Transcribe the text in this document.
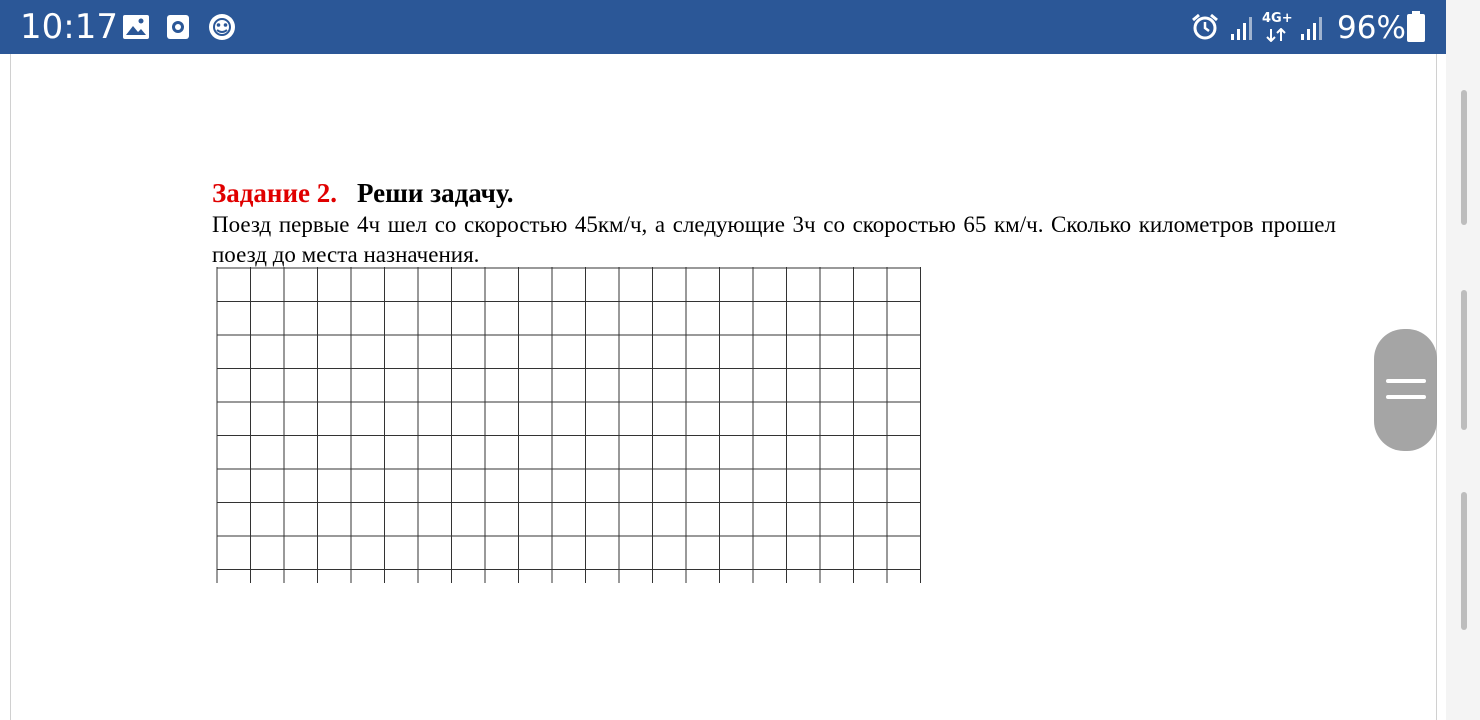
10:17	4G+ 96%
Задание 2. Реши задачу.
Поезд первые 4ч шел со скоростью 45км/ч, а следующие 3ч со скоростью 65 км/ч. Сколько километров прошел поезд до места назначения.
